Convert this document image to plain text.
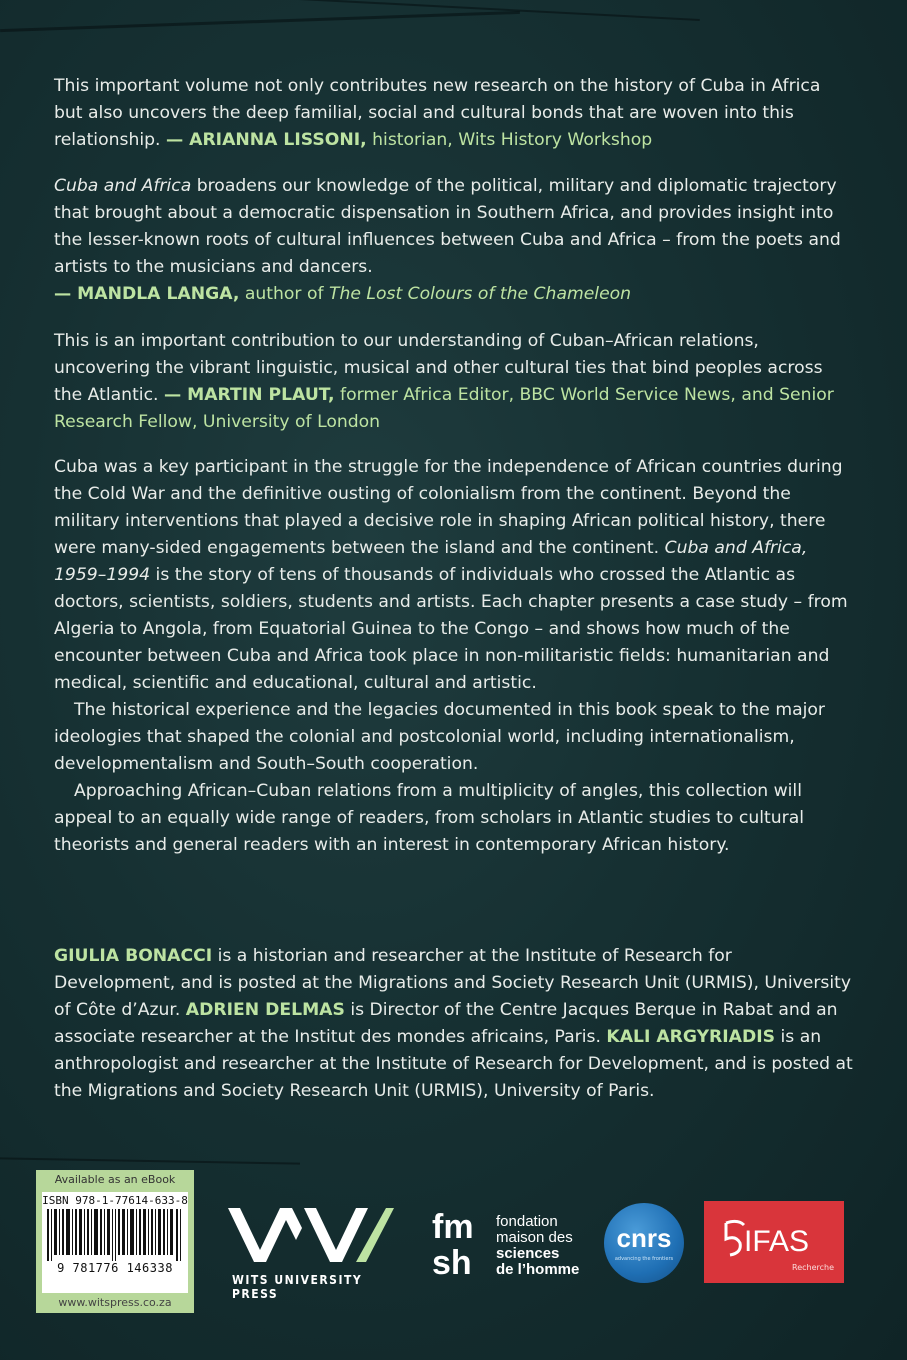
This important volume not only contributes new research on the history of Cuba in Africa but also uncovers the deep familial, social and cultural bonds that are woven into this relationship. — ARIANNA LISSONI, historian, Wits History Workshop

Cuba and Africa broadens our knowledge of the political, military and diplomatic trajectory that brought about a democratic dispensation in Southern Africa, and provides insight into the lesser-known roots of cultural influences between Cuba and Africa – from the poets and artists to the musicians and dancers.
— MANDLA LANGA, author of The Lost Colours of the Chameleon

This is an important contribution to our understanding of Cuban–African relations, uncovering the vibrant linguistic, musical and other cultural ties that bind peoples across the Atlantic. — MARTIN PLAUT, former Africa Editor, BBC World Service News, and Senior Research Fellow, University of London

Cuba was a key participant in the struggle for the independence of African countries during the Cold War and the definitive ousting of colonialism from the continent. Beyond the military interventions that played a decisive role in shaping African political history, there were many-sided engagements between the island and the continent. Cuba and Africa, 1959–1994 is the story of tens of thousands of individuals who crossed the Atlantic as doctors, scientists, soldiers, students and artists. Each chapter presents a case study – from Algeria to Angola, from Equatorial Guinea to the Congo – and shows how much of the encounter between Cuba and Africa took place in non-militaristic fields: humanitarian and medical, scientific and educational, cultural and artistic.

The historical experience and the legacies documented in this book speak to the major ideologies that shaped the colonial and postcolonial world, including internationalism, developmentalism and South–South cooperation.

Approaching African–Cuban relations from a multiplicity of angles, this collection will appeal to an equally wide range of readers, from scholars in Atlantic studies to cultural theorists and general readers with an interest in contemporary African history.

GIULIA BONACCI is a historian and researcher at the Institute of Research for Development, and is posted at the Migrations and Society Research Unit (URMIS), University of Côte d’Azur. ADRIEN DELMAS is Director of the Centre Jacques Berque in Rabat and an associate researcher at the Institut des mondes africains, Paris. KALI ARGYRIADIS is an anthropologist and researcher at the Institute of Research for Development, and is posted at the Migrations and Society Research Unit (URMIS), University of Paris.

Available as an eBook
ISBN 978-1-77614-633-8
9 781776 146338
www.witspress.co.za
WITS UNIVERSITY PRESS
fm
sh
fondation
maison des
sciences
de l’homme
cnrs
advancing the frontiers
IFAS
Recherche
